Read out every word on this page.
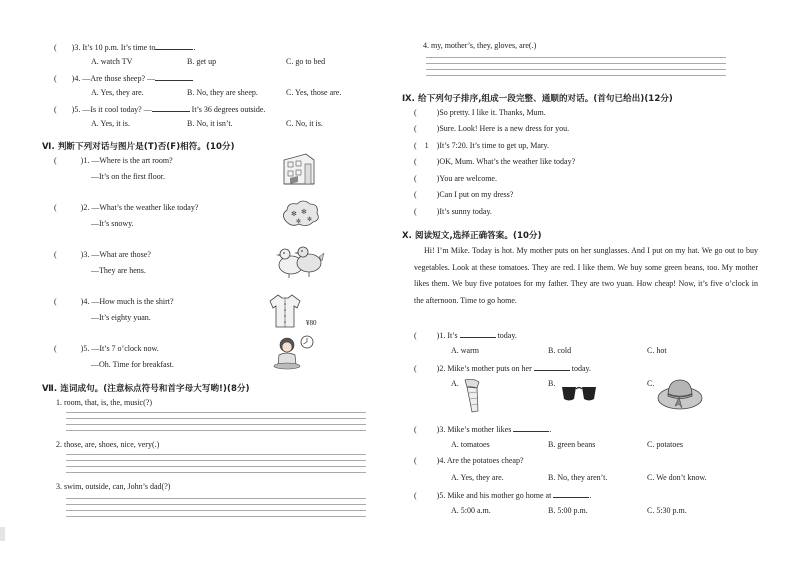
( )3. It’s 10 p.m. It’s time to	.
A. watch TV	B. get up	C. go to bed
( )4. —Are those sheep? —
A. Yes, they are.	B. No, they are sheep.	C. Yes, those are.
( )5. —Is it cool today? —	It’s 36 degrees outside.
A. Yes, it is.	B. No, it isn’t.	C. No, it is.
Ⅵ. 判断下列对话与图片是(T)否(F)相符。(10分)
(	)1. —Where is the art room?
—It’s on the first floor.
(	)2. —What’s the weather like today?
—It’s snowy.
✻ ✻
✻
✻
(	)3. —What are those?
—They are hens.
(	)4. —How much is the shirt?
—It’s eighty yuan.
¥80
(	)5. —It’s 7 o’clock now.
—Oh. Time for breakfast.
Ⅶ. 连词成句。(注意标点符号和首字母大写哟!)(8分)
1. room, that, is, the, music(?)
2. those, are, shoes, nice, very(.)
3. swim, outside, can, John’s dad(?)
4. my, mother’s, they, gloves, are(.)
Ⅸ. 给下列句子排序,组成一段完整、通顺的对话。(首句已给出)(12分)
(	)So pretty. I like it. Thanks, Mum.
(	)Sure. Look! Here is a new dress for you.
( 1 )It’s 7:20. It’s time to get up, Mary.
(	)OK, Mum. What’s the weather like today?
(	)You are welcome.
(	)Can I put on my dress?
(	)It’s sunny today.
Ⅹ. 阅读短文,选择正确答案。(10分)
Hi! I’m Mike. Today is hot. My mother puts on her sunglasses. And I put on my hat. We go out to buy vegetables. Look at these tomatoes. They are red. I like them. We buy some green beans, too. My mother likes them. We buy five potatoes for my father. They are two yuan. How cheap! Now, it’s five o’clock in the afternoon. Time to go home.
(	)1. It’s	today.
A. warm	B. cold	C. hot
(	)2. Mike’s mother puts on her	today.
A.	B.	C.
(	)3. Mike’s mother likes	.
A. tomatoes	B. green beans	C. potatoes
(	)4. Are the potatoes cheap?
A. Yes, they are.	B. No, they aren’t.	C. We don’t know.
(	)5. Mike and his mother go home at	.
A. 5:00 a.m.	B. 5:00 p.m.	C. 5:30 p.m.
